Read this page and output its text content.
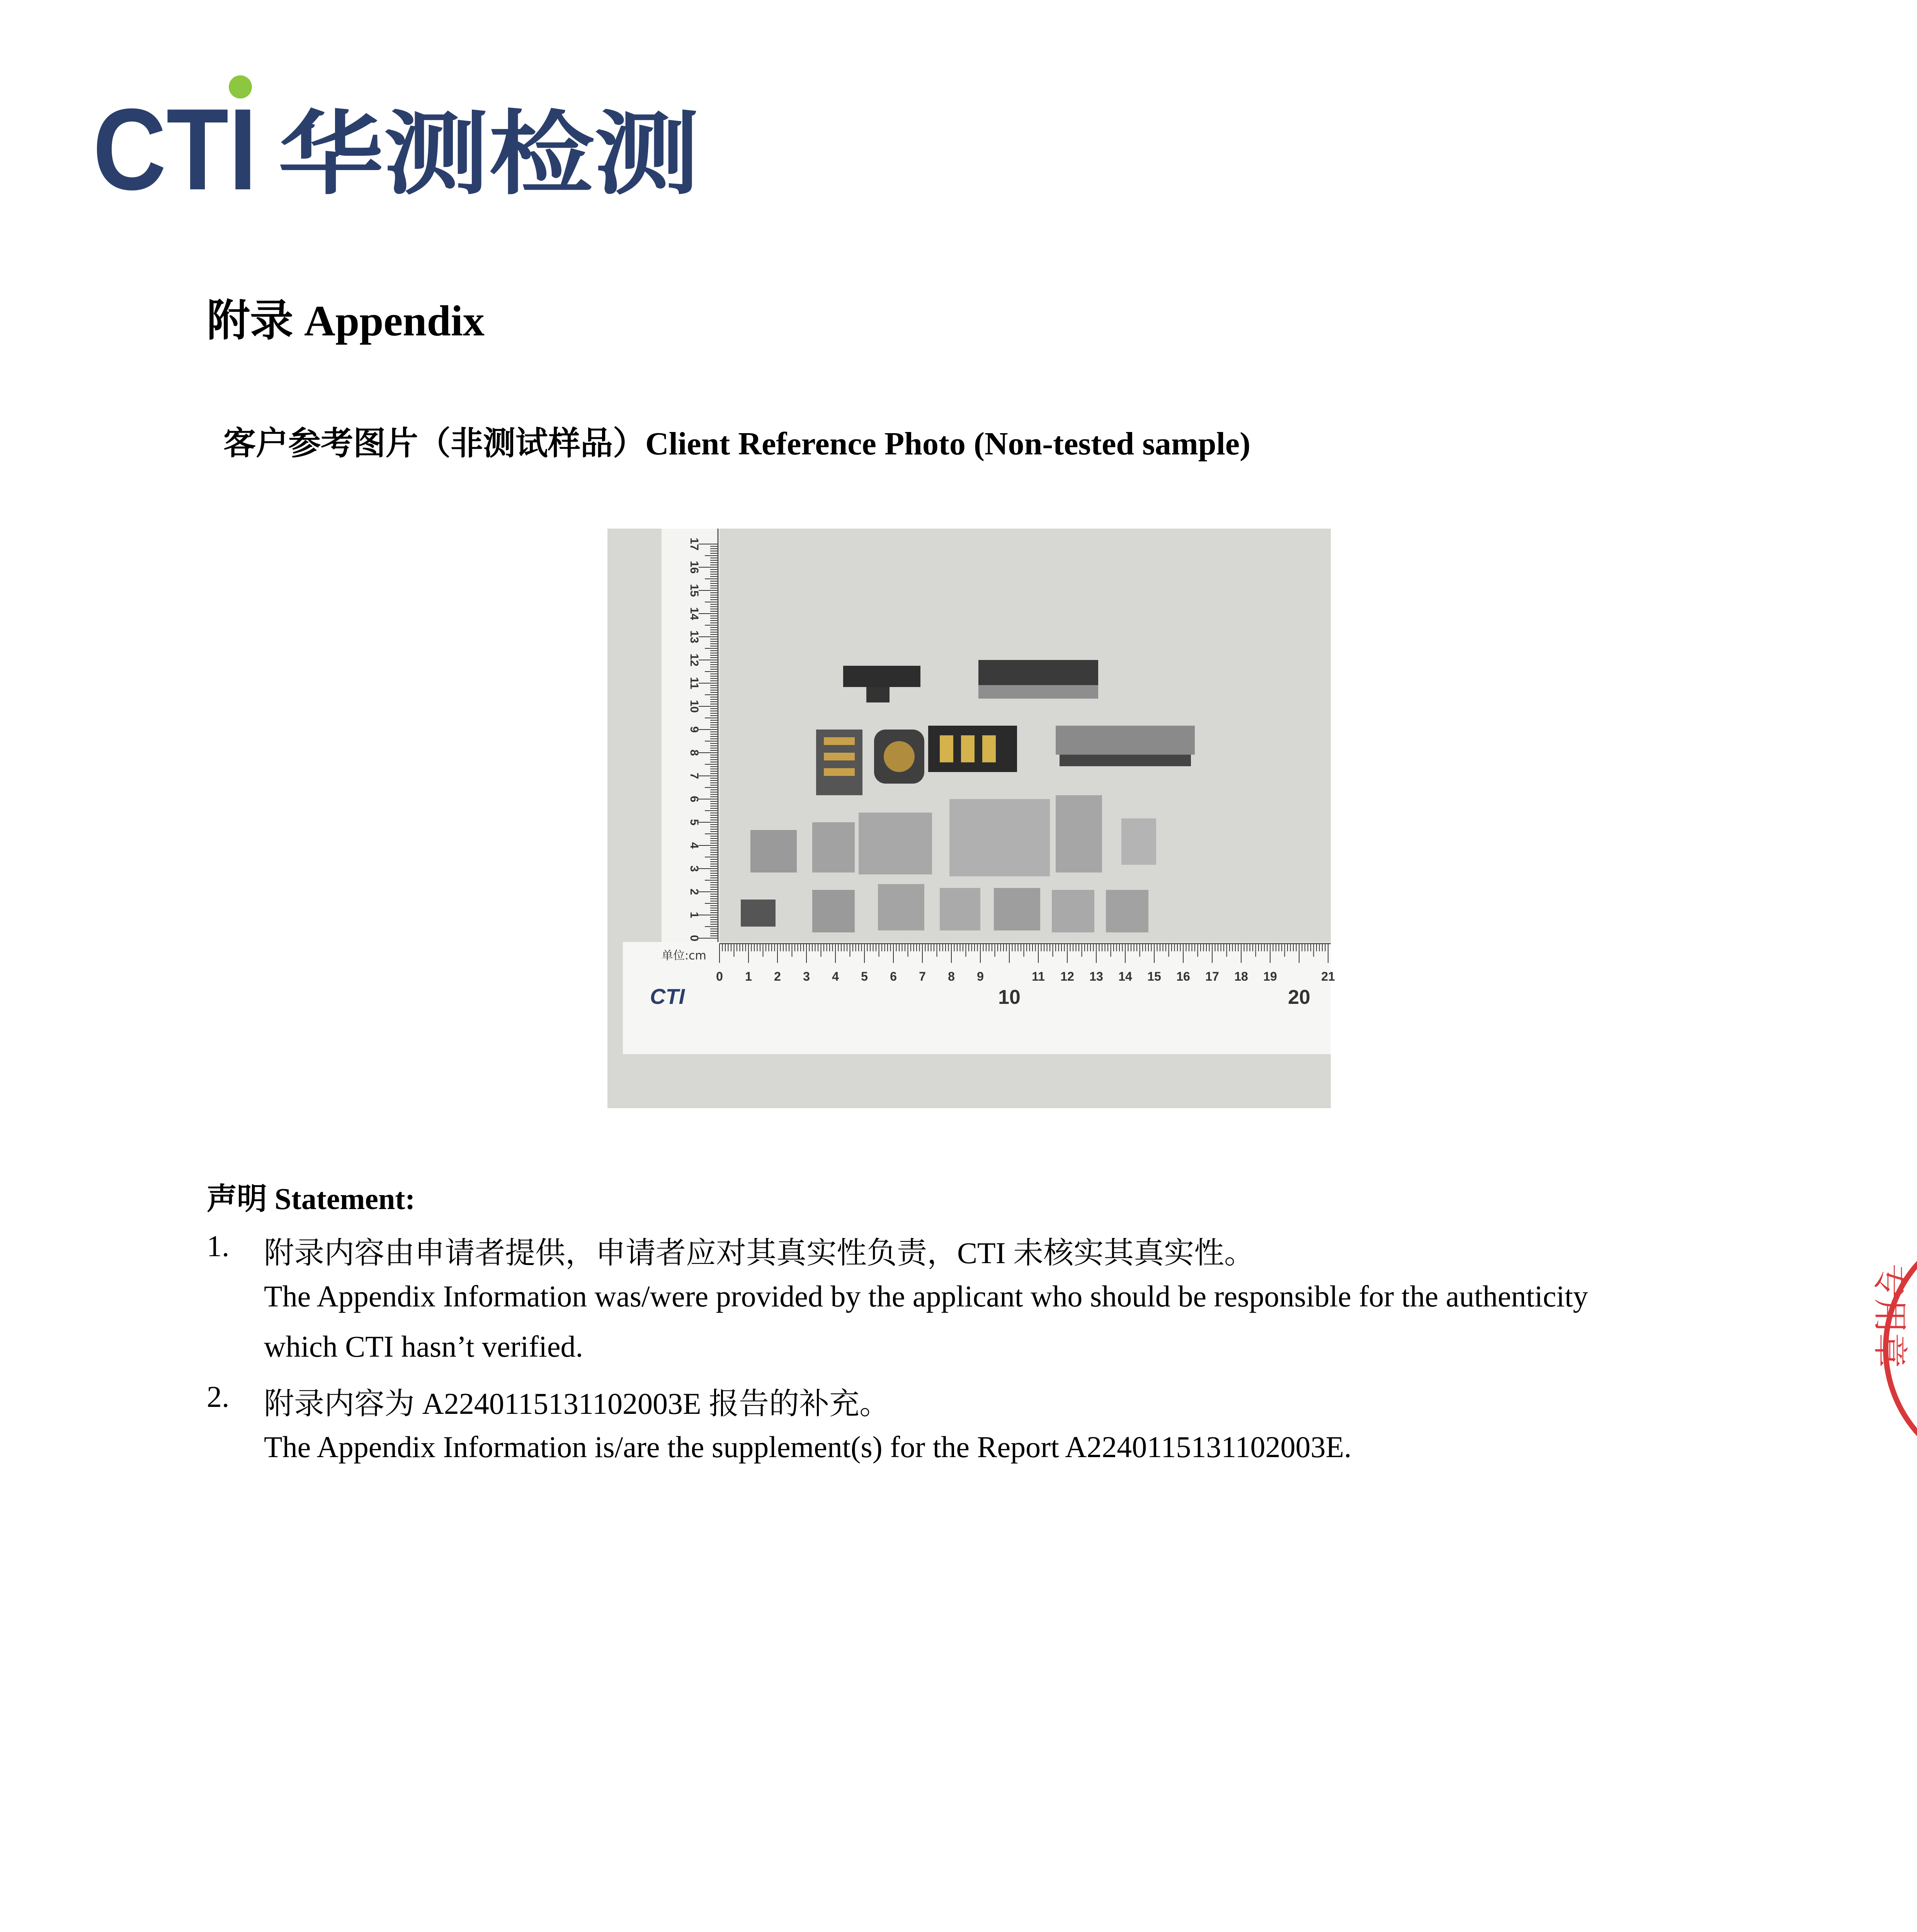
CTI 华测检测
附录 Appendix
客户参考图片（非测试样品）Client Reference Photo (Non-tested sample)
单位:cm
CTI
0 1 2 3 4 5 6 7 8 9
10
11 12 13 14 15 16 17 18 19
20
21
0
1
2
3
4
5
6
7
8
9
10
11
12
13
14
15
16
17
声明 Statement:
1. 附录内容由申请者提供，申请者应对其真实性负责，CTI 未核实其真实性。
The Appendix Information was/were provided by the applicant who should be responsible for the authenticity
which CTI hasn’t verified.
2. 附录内容为 A2240115131102003E 报告的补充。
The Appendix Information is/are the supplement(s) for the Report A2240115131102003E.
专用章
